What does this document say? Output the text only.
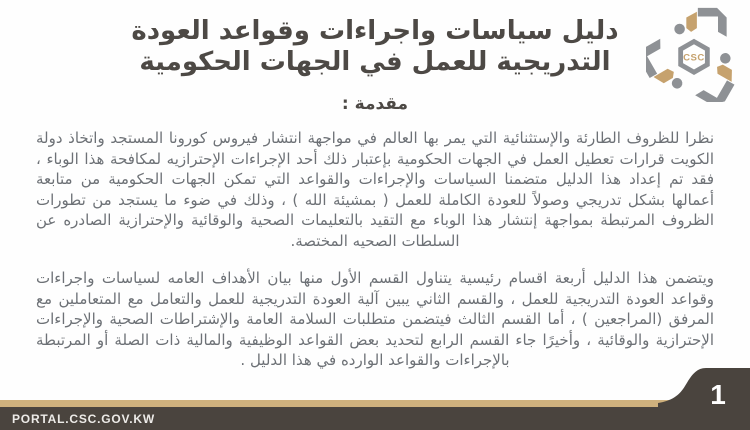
دليل سياسات واجراءات وقواعد العودة التدريجية للعمل في الجهات الحكومية	CSC
مقدمة :

نظرا للظروف الطارئة والإستثنائية التي يمر بها العالم في مواجهة انتشار فيروس كورونا المستجد واتخاذ دولة الكويت قرارات تعطيل العمل في الجهات الحكومية بإعتبار ذلك أحد الإجراءات الإحترازيه لمكافحة هذا الوباء ، فقد تم إعداد هذا الدليل متضمنا السياسات والإجراءات والقواعد التي تمكن الجهات الحكومية من متابعة أعمالها بشكل تدريجي وصولاً للعودة الكاملة للعمل ( بمشيئة الله ) ، وذلك في ضوء ما يستجد من تطورات الظروف المرتبطة بمواجهة إنتشار هذا الوباء مع التقيد بالتعليمات الصحية والوقائية والإحترازية الصادره عن السلطات الصحيه المختصة.

ويتضمن هذا الدليل أربعة اقسام رئيسية يتناول القسم الأول منها بيان الأهداف العامه لسياسات واجراءات وقواعد العودة التدريجية للعمل ، والقسم الثاني يبين آلية العودة التدريجية للعمل والتعامل مع المتعاملين مع المرفق (المراجعين ) ، أما القسم الثالث فيتضمن متطلبات السلامة العامة والإشتراطات الصحية والإجراءات الإحترازية والوقائية ، وأخيرًا جاء القسم الرابع لتحديد بعض القواعد الوظيفية والمالية ذات الصلة أو المرتبطة بالإجراءات والقواعد الوارده في هذا الدليل .

PORTAL.CSC.GOV.KW
1
